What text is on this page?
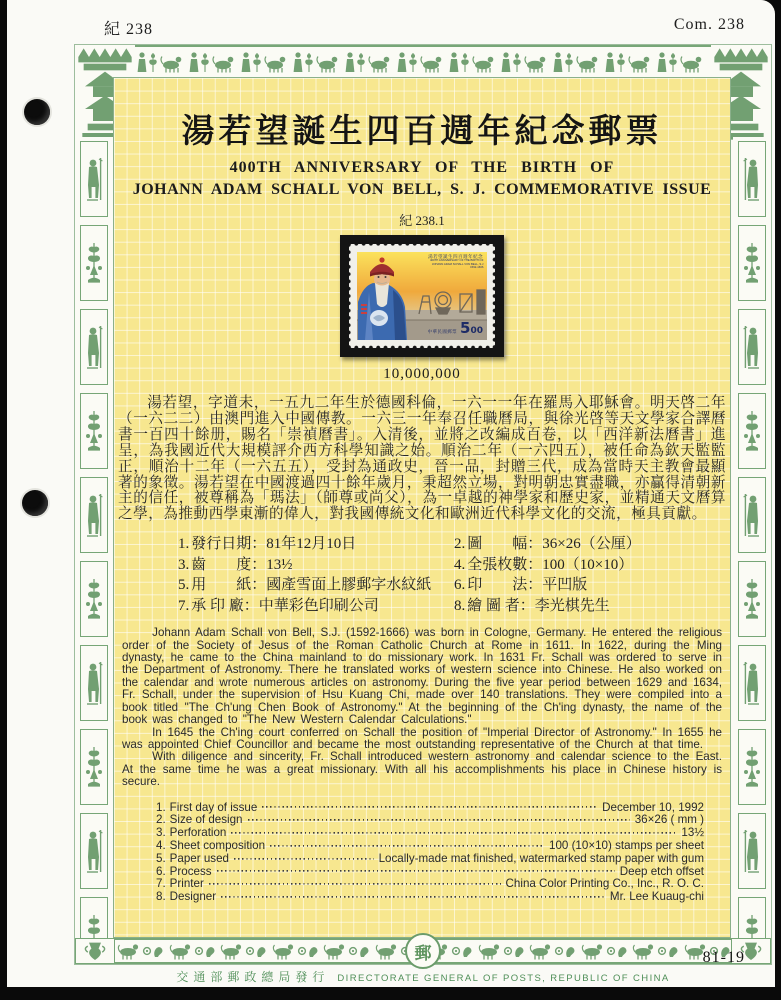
紀 238	Com. 238
郵
湯若望誕生四百週年紀念郵票
400TH ANNIVERSARY OF THE BIRTH OF
JOHANN ADAM SCHALL VON BELL, S. J. COMMEMORATIVE ISSUE
紀 238.1
湯若望誕生四百週年紀念
400TH ANNIVERSARY OF THE BIRTH OF
JOHANN ADAM SCHALL VON BELL, S.J
1592-1666
中華民國郵票 500
10,000,000

湯若望，字道未，一五九二年生於德國科倫，一六一一年在羅馬入耶穌會。明天啓二年（一六二二）由澳門進入中國傳教。一六三一年奉召任職曆局，與徐光啓等天文學家合譯曆書一百四十餘册，賜名「崇禎曆書」。入清後，並將之改編成百卷，以「西洋新法曆書」進呈，為我國近代大規模評介西方科學知識之始。順治二年（一六四五），被任命為欽天監監正，順治十二年（一六五五），受封為通政史，晉一品，封贈三代，成為當時天主教會最顯著的象徵。湯若望在中國渡過四十餘年歲月，秉超然立場，對明朝忠實盡職，亦贏得清朝新主的信任，被尊稱為「瑪法」（師尊或尚父），為一卓越的神學家和歷史家，並精通天文曆算之學，為推動西學東漸的偉人，對我國傳統文化和歐洲近代科學文化的交流，極具貢獻。

1. 發行日期：81年12月10日	2. 圖　　幅：36×26（公厘）
3. 齒　　度：13½	4. 全張枚數：100（10×10）
5. 用　　紙：國產雪面上膠郵字水紋紙	6. 印　　法：平凹版
7. 承 印 廠：中華彩色印刷公司	8. 繪 圖 者：李光棋先生

Johann Adam Schall von Bell, S.J. (1592-1666) was born in Cologne, Germany. He entered the religious order of the Society of Jesus of the Roman Catholic Church at Rome in 1611. In 1622, during the Ming dynasty, he came to the China mainland to do missionary work. In 1631 Fr. Schall was ordered to serve in the Department of Astronomy. There he translated works of western science into Chinese. He also worked on the calendar and wrote numerous articles on astronomy. During the five year period between 1629 and 1634, Fr. Schall, under the supervision of Hsu Kuang Chi, made over 140 translations. They were compiled into a book titled "The Ch'ung Chen Book of Astronomy." At the beginning of the Ch'ing dynasty, the name of the book was changed to "The New Western Calendar Calculations."

In 1645 the Ch'ing court conferred on Schall the position of "Imperial Director of Astronomy." In 1655 he was appointed Chief Councillor and became the most outstanding representative of the Church at that time.

With diligence and sincerity, Fr. Schall introduced western astronomy and calendar science to the East. At the same time he was a great missionary. With all his accomplishments his place in Chinese history is secure.

1. First day of issue	December 10, 1992
2. Size of design	36×26 ( mm )
3. Perforation	13½
4. Sheet composition	100 (10×10) stamps per sheet
5. Paper used	Locally-made mat finished, watermarked stamp paper with gum
6. Process	Deep etch offset
7. Printer	China Color Printing Co., Inc., R. O. C.
8. Designer	Mr. Lee Kuaug-chi
交通部郵政總局發行 DIRECTORATE GENERAL OF POSTS, REPUBLIC OF CHINA
81-19
